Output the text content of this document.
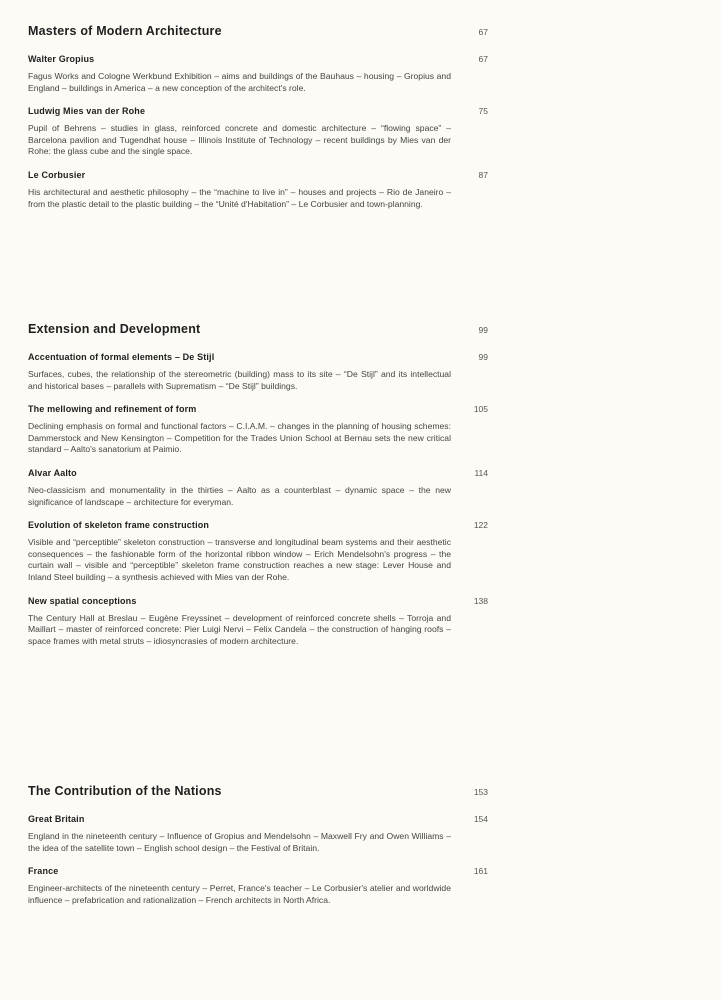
Masters of Modern Architecture	67
Walter Gropius	67

Fagus Works and Cologne Werkbund Exhibition – aims and buildings of the Bauhaus – housing – Gropius and England – buildings in America – a new conception of the architect's role.

Ludwig Mies van der Rohe	75

Pupil of Behrens – studies in glass, reinforced concrete and domestic architecture – “flowing space” – Barcelona pavilion and Tugendhat house – Illinois Institute of Technology – recent buildings by Mies van der Rohe: the glass cube and the single space.

Le Corbusier	87

His architectural and aesthetic philosophy – the “machine to live in” – houses and projects – Rio de Janeiro – from the plastic detail to the plastic building – the “Unité d'Habitation” – Le Corbusier and town-planning.

Extension and Development	99
Accentuation of formal elements – De Stijl	99

Surfaces, cubes, the relationship of the stereometric (building) mass to its site – “De Stijl” and its intellectual and historical bases – parallels with Suprematism – “De Stijl” buildings.

The mellowing and refinement of form	105

Declining emphasis on formal and functional factors – C.I.A.M. – changes in the planning of housing schemes: Dammerstock and New Kensington – Competition for the Trades Union School at Bernau sets the new critical standard – Aalto's sanatorium at Paimio.

Alvar Aalto	114

Neo-classicism and monumentality in the thirties – Aalto as a counterblast – dynamic space – the new significance of landscape – architecture for everyman.

Evolution of skeleton frame construction	122

Visible and “perceptible” skeleton construction – transverse and longitudinal beam systems and their aesthetic consequences – the fashionable form of the horizontal ribbon window – Erich Mendelsohn's progress – the curtain wall – visible and “perceptible” skeleton frame construction reaches a new stage: Lever House and Inland Steel building – a synthesis achieved with Mies van der Rohe.

New spatial conceptions	138

The Century Hall at Breslau – Eugène Freyssinet – development of reinforced concrete shells – Torroja and Maillart – master of reinforced concrete: Pier Luigi Nervi – Felix Candela – the construction of hanging roofs – space frames with metal struts – idiosyncrasies of modern architecture.

The Contribution of the Nations	153
Great Britain	154

England in the nineteenth century – Influence of Gropius and Mendelsohn – Maxwell Fry and Owen Williams – the idea of the satellite town – English school design – the Festival of Britain.

France	161

Engineer-architects of the nineteenth century – Perret, France's teacher – Le Corbusier's atelier and worldwide influence – prefabrication and rationalization – French architects in North Africa.
